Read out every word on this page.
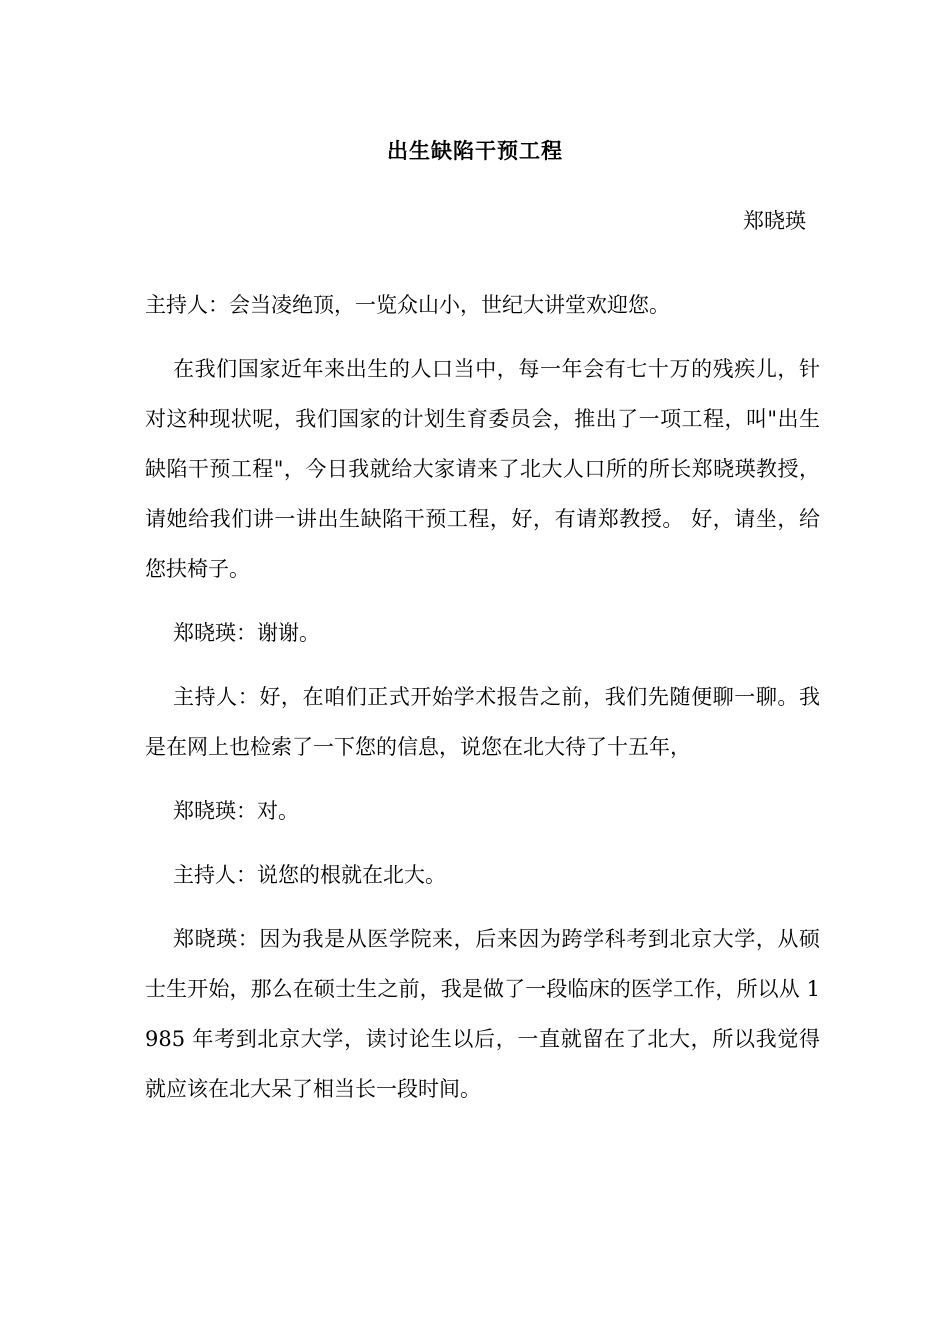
出生缺陷干预工程
郑晓瑛

主持人：会当凌绝顶，一览众山小，世纪大讲堂欢迎您。

在我们国家近年来出生的人口当中，每一年会有七十万的残疾儿，针对这种现状呢，我们国家的计划生育委员会，推出了一项工程，叫"出生缺陷干预工程"，今日我就给大家请来了北大人口所的所长郑晓瑛教授，请她给我们讲一讲出生缺陷干预工程，好，有请郑教授。 好，请坐，给您扶椅子。

郑晓瑛：谢谢。

主持人：好，在咱们正式开始学术报告之前，我们先随便聊一聊。我是在网上也检索了一下您的信息，说您在北大待了十五年，

郑晓瑛：对。

主持人：说您的根就在北大。

郑晓瑛：因为我是从医学院来，后来因为跨学科考到北京大学，从硕士生开始，那么在硕士生之前，我是做了一段临床的医学工作，所以从 1985 年考到北京大学，读讨论生以后，一直就留在了北大，所以我觉得就应该在北大呆了相当长一段时间。
